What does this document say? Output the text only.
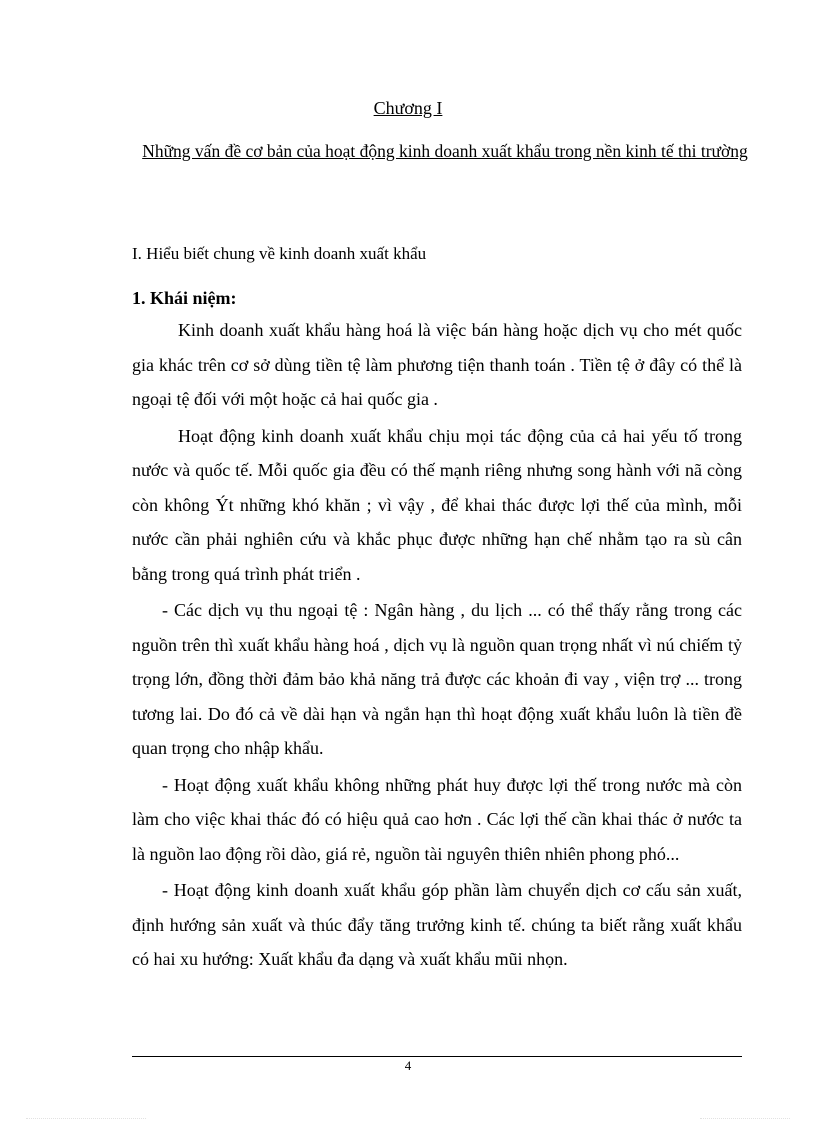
Chương I
Những vấn đề cơ bản của hoạt động kinh doanh xuất khẩu trong nền kinh tế thi trường
I. Hiểu biết chung về kinh doanh xuất khẩu
1. Khái niệm:

Kinh doanh xuất khẩu hàng hoá là việc bán hàng hoặc dịch vụ cho mét quốc gia khác trên cơ sở dùng tiền tệ làm phương tiện thanh toán . Tiền tệ ở đây có thể là ngoại tệ đối với một hoặc cả hai quốc gia .

Hoạt động kinh doanh xuất khẩu chịu mọi tác động của cả hai yếu tố trong nước và quốc tế. Mỗi quốc gia đều có thế mạnh riêng nhưng song hành với nã còng còn không Ýt những khó khăn ; vì vậy , để khai thác được lợi thế của mình, mỗi nước cần phải nghiên cứu và khắc phục được những hạn chế nhằm tạo ra sù cân bằng trong quá trình phát triển .

- Các dịch vụ thu ngoại tệ : Ngân hàng , du lịch ... có thể thấy rằng trong các nguồn trên thì xuất khẩu hàng hoá , dịch vụ là nguồn quan trọng nhất vì nú chiếm tỷ trọng lớn, đồng thời đảm bảo khả năng trả được các khoản đi vay , viện trợ ... trong tương lai. Do đó cả về dài hạn và ngắn hạn thì hoạt động xuất khẩu luôn là tiền đề quan trọng cho nhập khẩu.

- Hoạt động xuất khẩu không những phát huy được lợi thế trong nước mà còn làm cho việc khai thác đó có hiệu quả cao hơn . Các lợi thế cần khai thác ở nước ta là nguồn lao động rồi dào, giá rẻ, nguồn tài nguyên thiên nhiên phong phó...

- Hoạt động kinh doanh xuất khẩu góp phần làm chuyển dịch cơ cấu sản xuất, định hướng sản xuất và thúc đẩy tăng trưởng kinh tế. chúng ta biết rằng xuất khẩu có hai xu hướng: Xuất khẩu đa dạng và xuất khẩu mũi nhọn.

4
